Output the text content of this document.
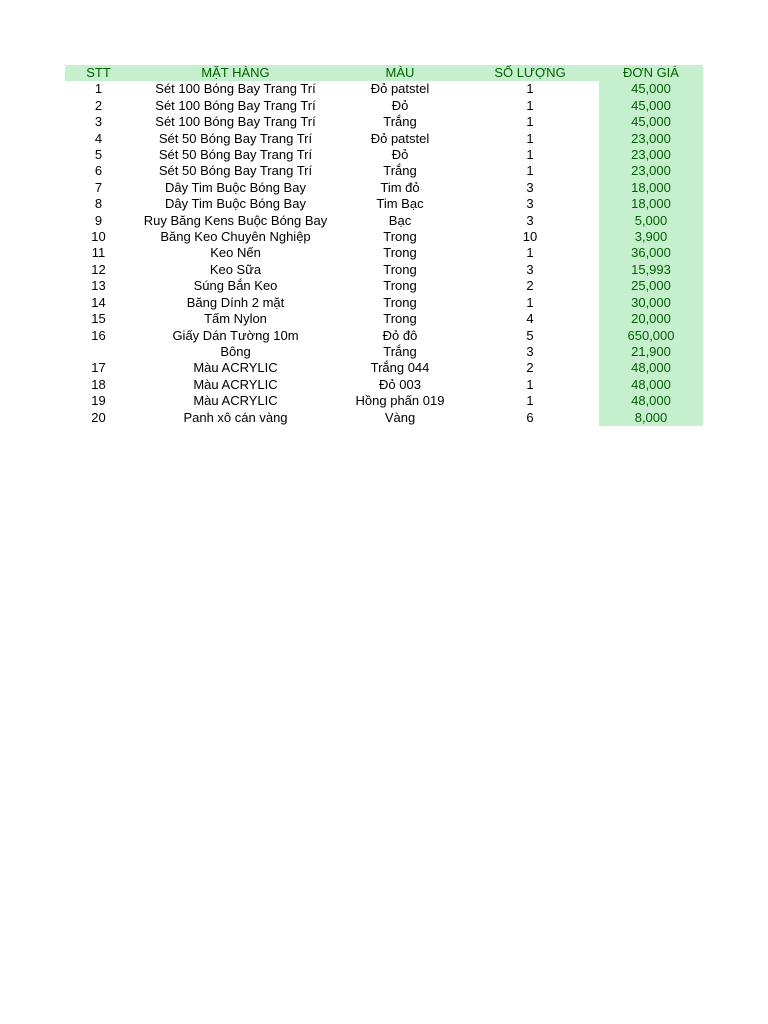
STT	MẶT HÀNG	MÀU	SỐ LƯỢNG	ĐƠN GIÁ
1	Sét 100 Bóng Bay Trang Trí	Đỏ patstel	1	45,000
2	Sét 100 Bóng Bay Trang Trí	Đỏ	1	45,000
3	Sét 100 Bóng Bay Trang Trí	Trắng	1	45,000
4	Sét 50 Bóng Bay Trang Trí	Đỏ patstel	1	23,000
5	Sét 50 Bóng Bay Trang Trí	Đỏ	1	23,000
6	Sét 50 Bóng Bay Trang Trí	Trắng	1	23,000
7	Dây Tim Buộc Bóng Bay	Tim đỏ	3	18,000
8	Dây Tim Buộc Bóng Bay	Tim Bạc	3	18,000
9	Ruy Băng Kens Buộc Bóng Bay	Bạc	3	5,000
10	Băng Keo Chuyên Nghiệp	Trong	10	3,900
11	Keo Nến	Trong	1	36,000
12	Keo Sữa	Trong	3	15,993
13	Súng Bắn Keo	Trong	2	25,000
14	Băng Dính 2 mặt	Trong	1	30,000
15	Tấm Nylon	Trong	4	20,000
16	Giấy Dán Tường 10m	Đỏ đô	5	650,000
	Bông	Trắng	3	21,900
17	Màu ACRYLIC	Trắng 044	2	48,000
18	Màu ACRYLIC	Đỏ 003	1	48,000
19	Màu ACRYLIC	Hồng phấn 019	1	48,000
20	Panh xô cán vàng	Vàng	6	8,000
